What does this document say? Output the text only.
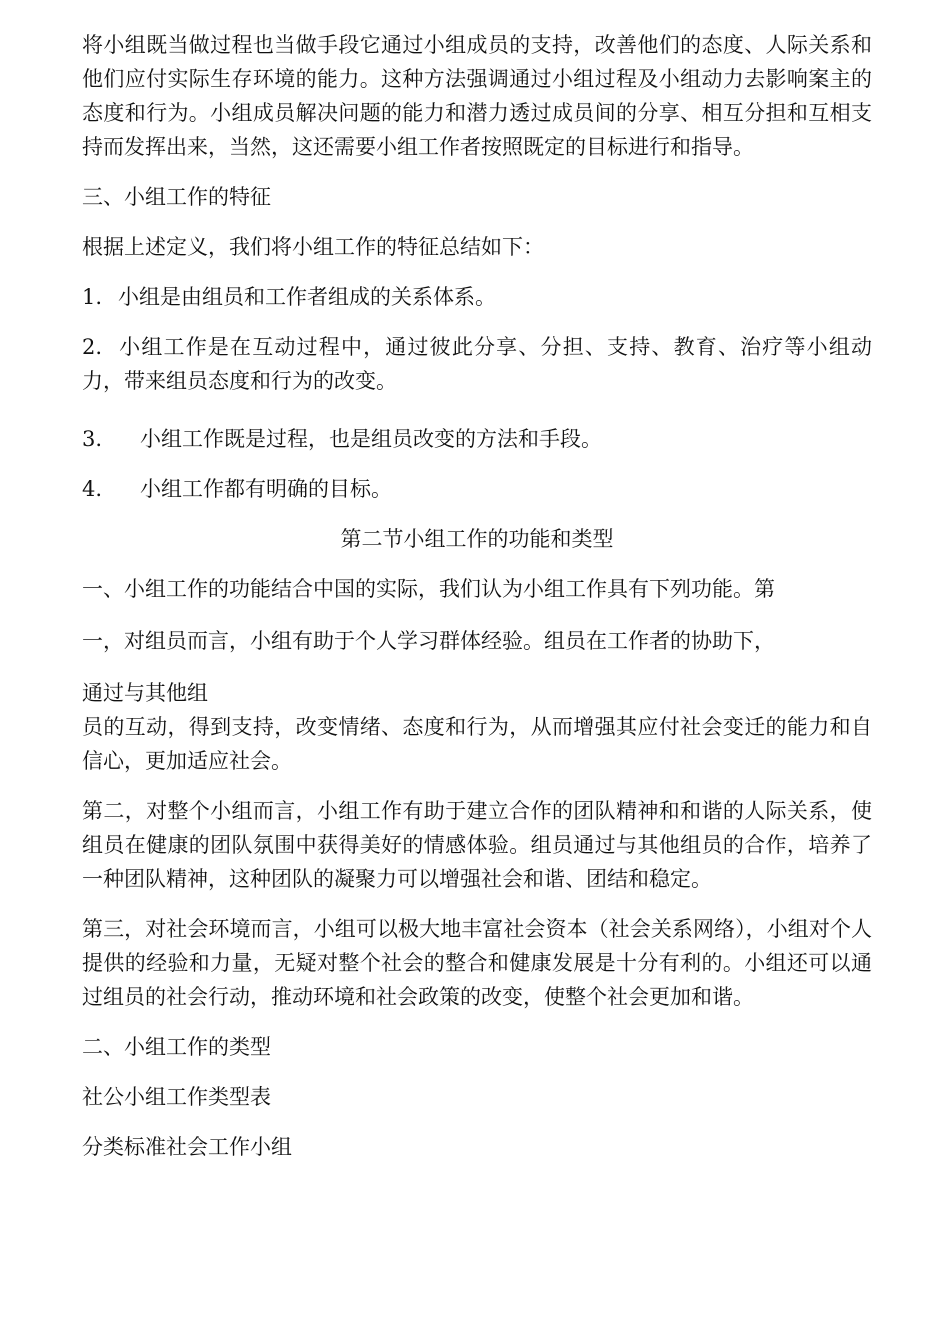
将小组既当做过程也当做手段它通过小组成员的支持，改善他们的态度、人际关系和他们应付实际生存环境的能力。这种方法强调通过小组过程及小组动力去影响案主的态度和行为。小组成员解决问题的能力和潜力透过成员间的分享、相互分担和互相支持而发挥出来，当然，这还需要小组工作者按照既定的目标进行和指导。

三、小组工作的特征

根据上述定义，我们将小组工作的特征总结如下：

1. 小组是由组员和工作者组成的关系体系。

2. 小组工作是在互动过程中，通过彼此分享、分担、支持、教育、治疗等小组动力，带来组员态度和行为的改变。

3. 小组工作既是过程，也是组员改变的方法和手段。

4. 小组工作都有明确的目标。

第二节小组工作的功能和类型

一、小组工作的功能结合中国的实际，我们认为小组工作具有下列功能。第

一，对组员而言，小组有助于个人学习群体经验。组员在工作者的协助下，

通过与其他组

员的互动，得到支持，改变情绪、态度和行为，从而增强其应付社会变迁的能力和自信心，更加适应社会。

第二，对整个小组而言，小组工作有助于建立合作的团队精神和和谐的人际关系，使组员在健康的团队氛围中获得美好的情感体验。组员通过与其他组员的合作，培养了一种团队精神，这种团队的凝聚力可以增强社会和谐、团结和稳定。

第三，对社会环境而言，小组可以极大地丰富社会资本（社会关系网络），小组对个人提供的经验和力量，无疑对整个社会的整合和健康发展是十分有利的。小组还可以通过组员的社会行动，推动环境和社会政策的改变，使整个社会更加和谐。

二、小组工作的类型

社公小组工作类型表

分类标准社会工作小组
